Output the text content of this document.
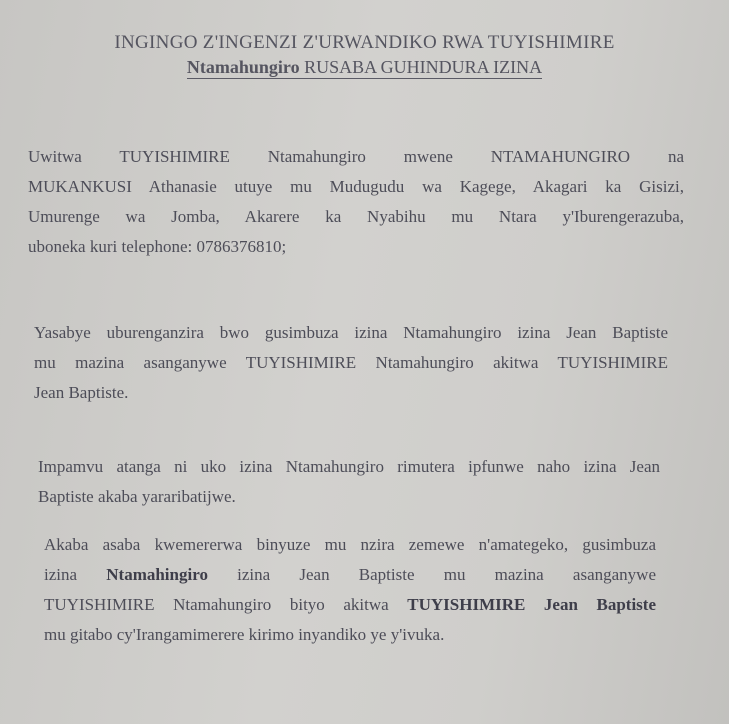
INGINGO Z'INGENZI Z'URWANDIKO RWA TUYISHIMIRE
Ntamahungiro RUSABA GUHINDURA IZINA
Uwitwa TUYISHIMIRE Ntamahungiro mwene NTAMAHUNGIRO na
MUKANKUSI Athanasie utuye mu Mudugudu wa Kagege, Akagari ka Gisizi,
Umurenge wa Jomba, Akarere ka Nyabihu mu Ntara y'Iburengerazuba,
uboneka kuri telephone: 0786376810;
Yasabye uburenganzira bwo gusimbuza izina Ntamahungiro izina Jean Baptiste
mu mazina asanganywe TUYISHIMIRE Ntamahungiro akitwa TUYISHIMIRE
Jean Baptiste.
Impamvu atanga ni uko izina Ntamahungiro rimutera ipfunwe naho izina Jean
Baptiste akaba yararibatijwe.
Akaba asaba kwemererwa binyuze mu nzira zemewe n'amategeko, gusimbuza
izina Ntamahingiro izina Jean Baptiste mu mazina asanganywe
TUYISHIMIRE Ntamahungiro bityo akitwa TUYISHIMIRE Jean Baptiste
mu gitabo cy'Irangamimerere kirimo inyandiko ye y'ivuka.
